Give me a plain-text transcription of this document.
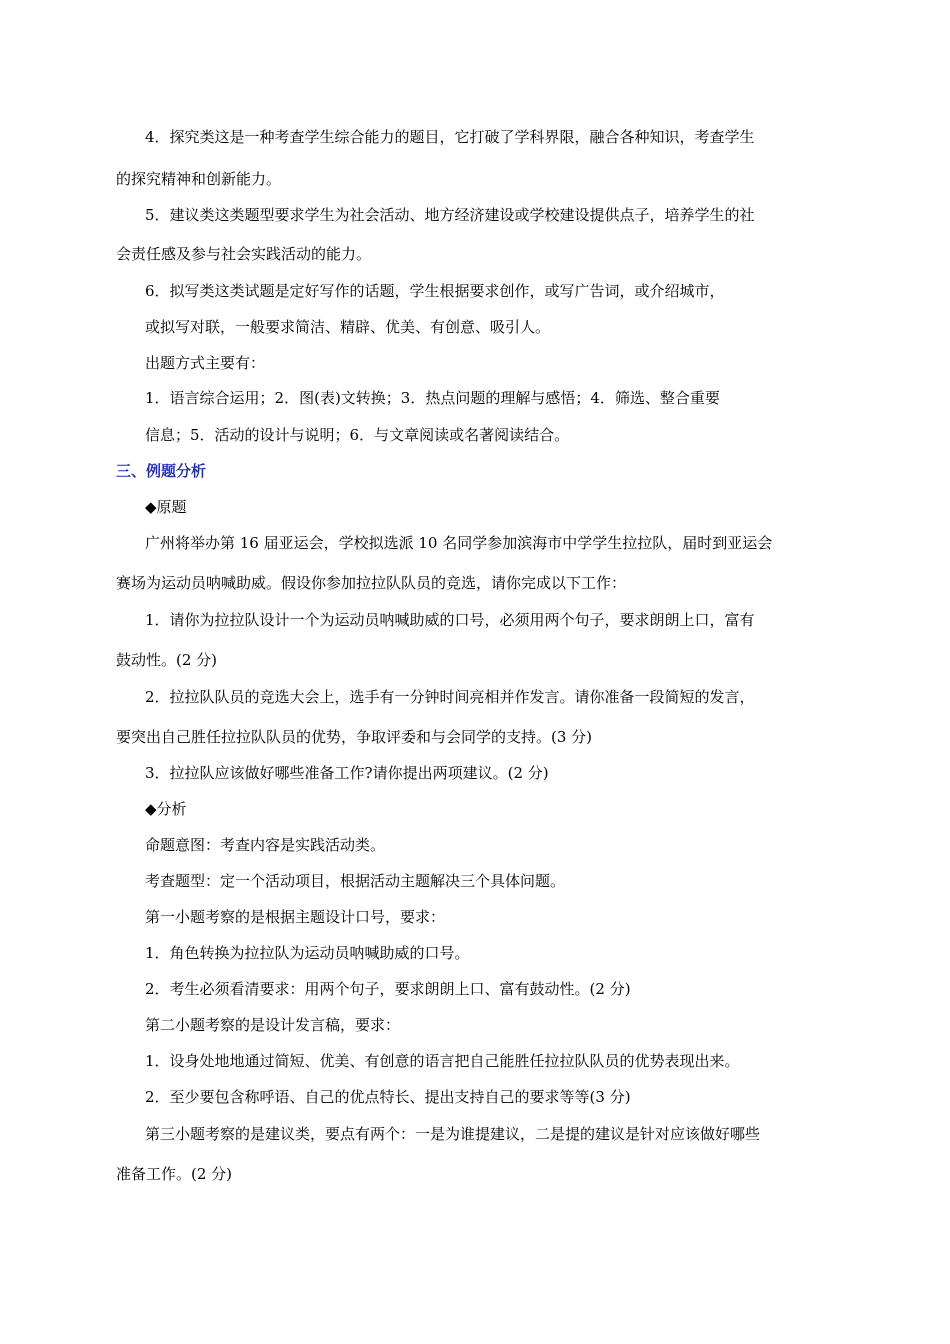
4．探究类这是一种考查学生综合能力的题目，它打破了学科界限，融合各种知识，考查学生
的探究精神和创新能力。
5．建议类这类题型要求学生为社会活动、地方经济建设或学校建设提供点子，培养学生的社
会责任感及参与社会实践活动的能力。
6．拟写类这类试题是定好写作的话题，学生根据要求创作，或写广告词，或介绍城市，
或拟写对联，一般要求简洁、精辟、优美、有创意、吸引人。
出题方式主要有：
1．语言综合运用；2．图(表)文转换；3．热点问题的理解与感悟；4．筛选、整合重要
信息；5．活动的设计与说明；6．与文章阅读或名著阅读结合。
三、例题分析
◆原题
广州将举办第 16 届亚运会，学校拟选派 10 名同学参加滨海市中学学生拉拉队，届时到亚运会
赛场为运动员呐喊助威。假设你参加拉拉队队员的竞选，请你完成以下工作：
1．请你为拉拉队设计一个为运动员呐喊助威的口号，必须用两个句子，要求朗朗上口，富有
鼓动性。(2 分)
2．拉拉队队员的竞选大会上，选手有一分钟时间亮相并作发言。请你准备一段简短的发言，
要突出自己胜任拉拉队队员的优势，争取评委和与会同学的支持。(3 分)
3．拉拉队应该做好哪些准备工作?请你提出两项建议。(2 分)
◆分析
命题意图：考查内容是实践活动类。
考查题型：定一个活动项目，根据活动主题解决三个具体问题。
第一小题考察的是根据主题设计口号，要求：
1．角色转换为拉拉队为运动员呐喊助威的口号。
2．考生必须看清要求：用两个句子，要求朗朗上口、富有鼓动性。(2 分)
第二小题考察的是设计发言稿，要求：
1．设身处地地通过简短、优美、有创意的语言把自己能胜任拉拉队队员的优势表现出来。
2．至少要包含称呼语、自己的优点特长、提出支持自己的要求等等(3 分)
第三小题考察的是建议类，要点有两个：一是为谁提建议，二是提的建议是针对应该做好哪些
准备工作。(2 分)
